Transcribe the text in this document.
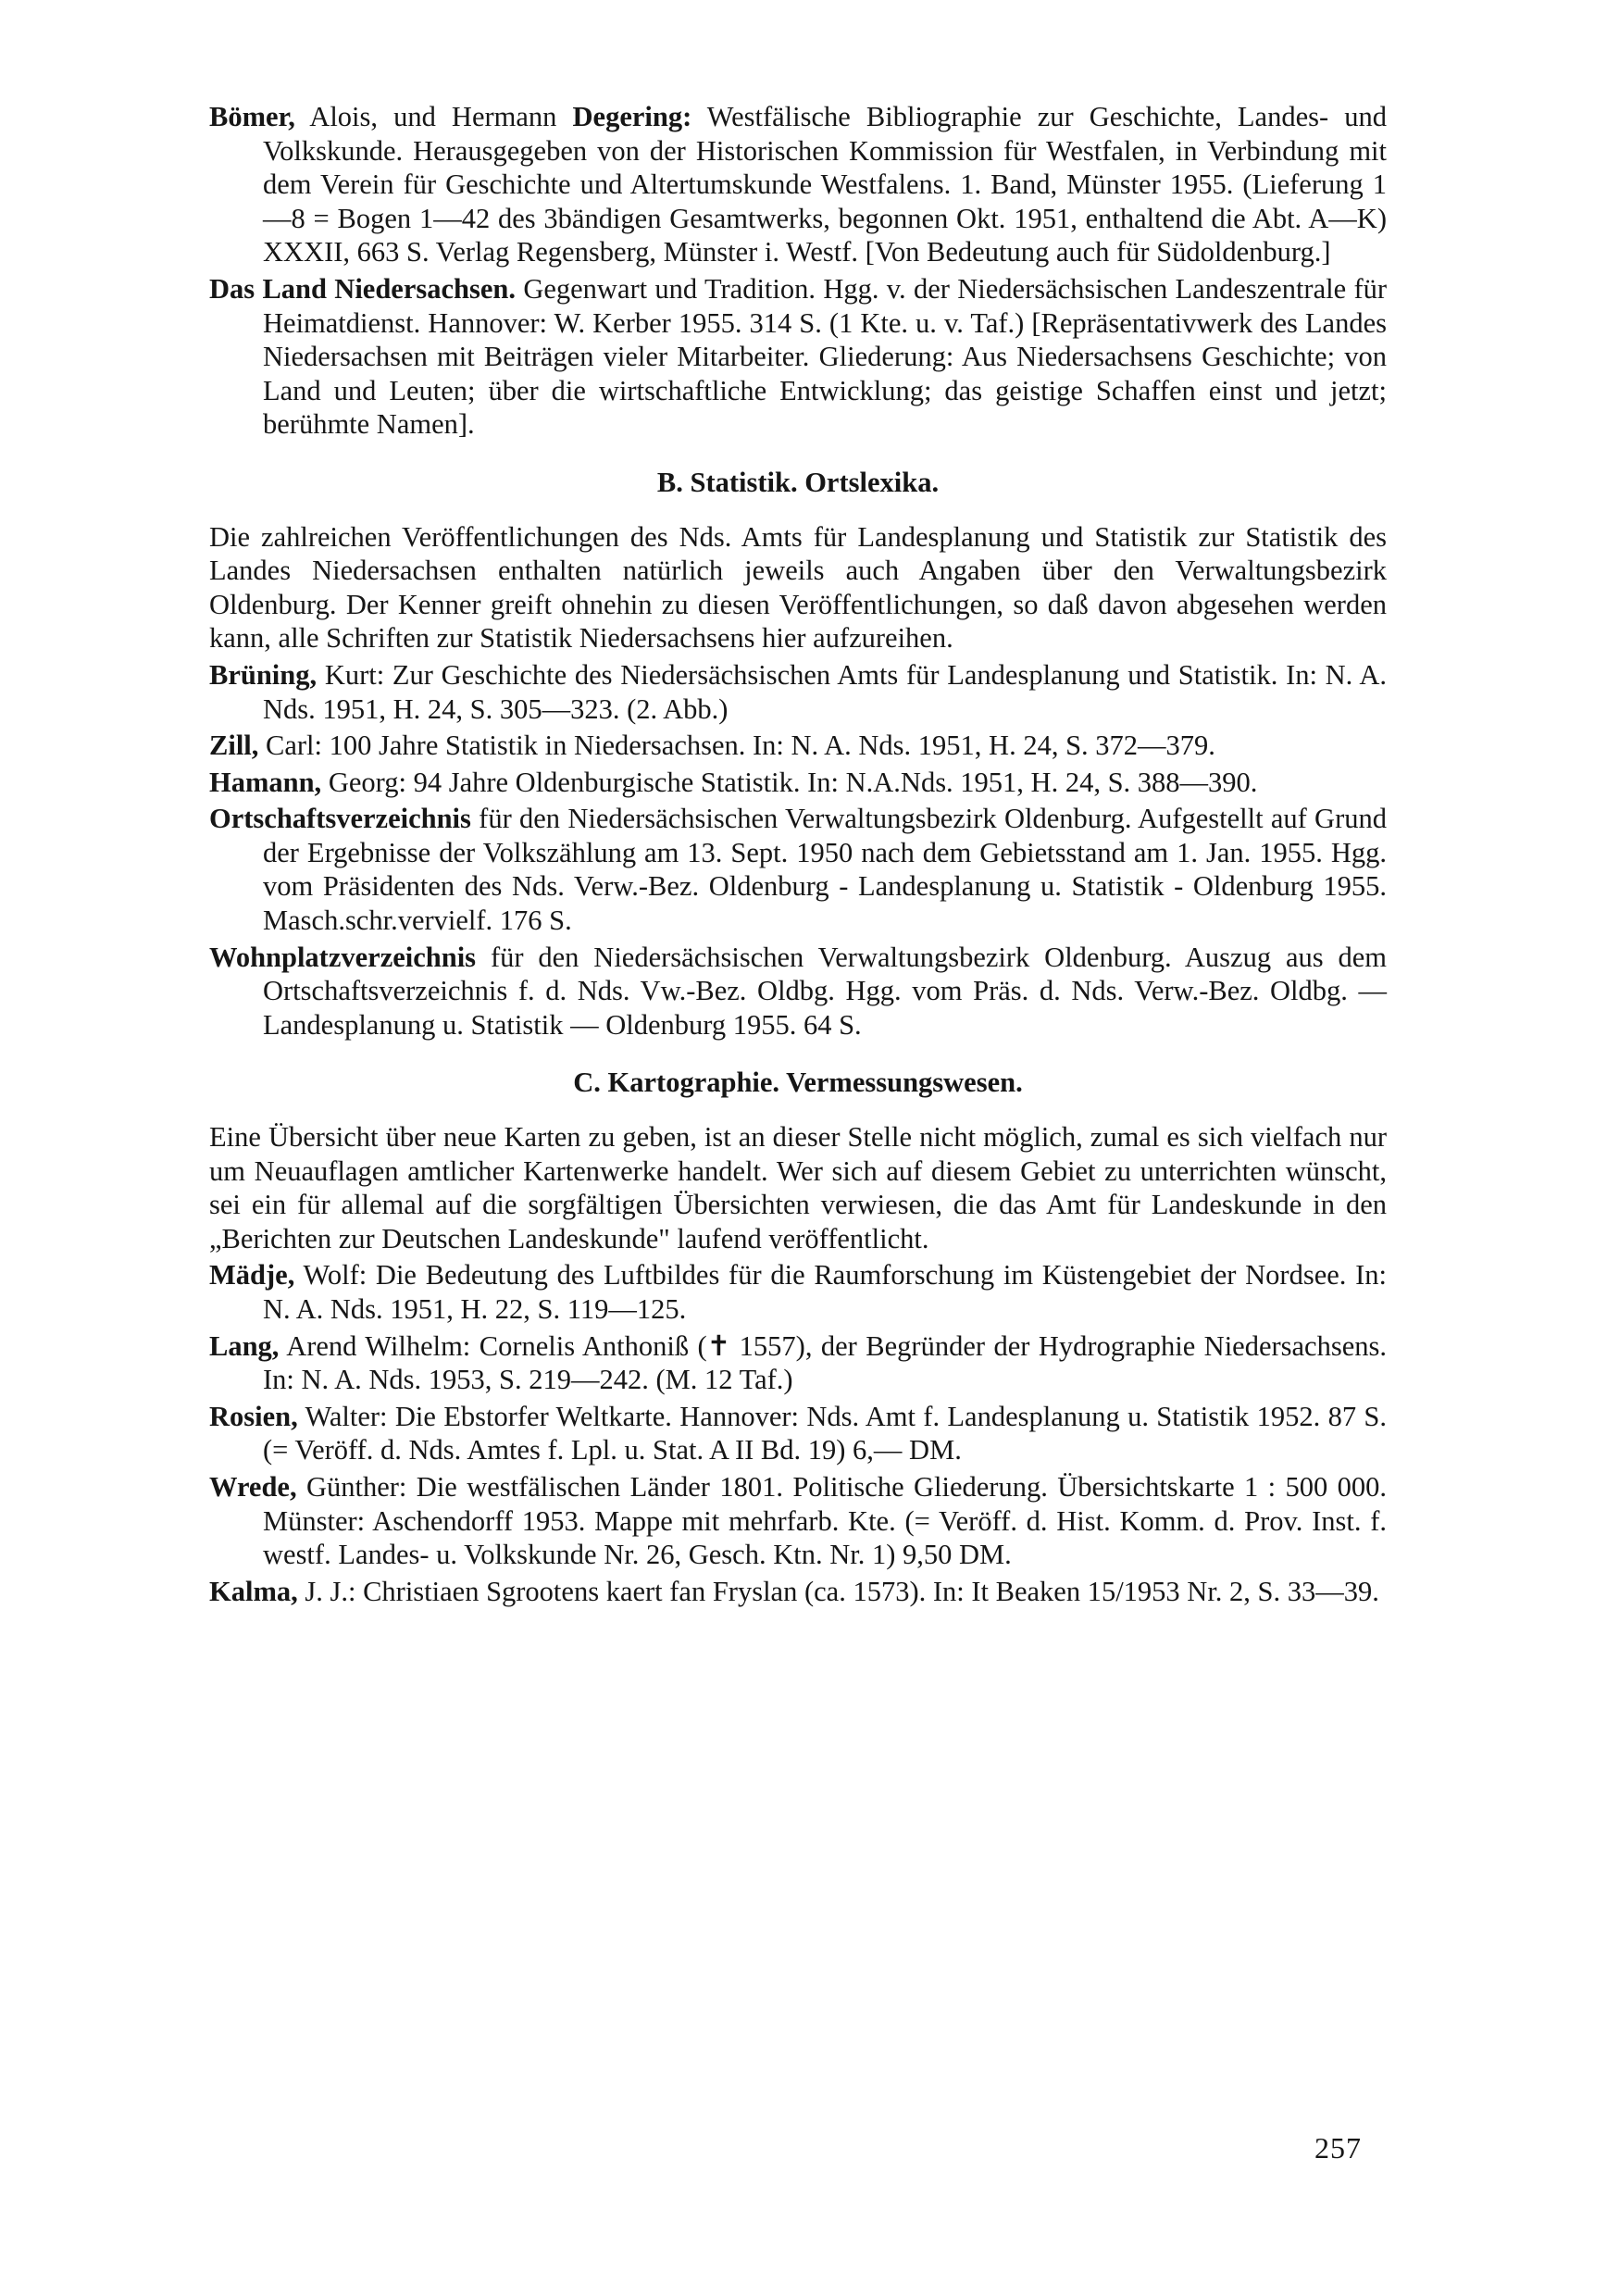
Bömer, Alois, und Hermann Degering: Westfälische Bibliographie zur Geschichte, Landes- und Volkskunde. Herausgegeben von der Historischen Kommission für Westfalen, in Verbindung mit dem Verein für Geschichte und Altertumskunde Westfalens. 1. Band, Münster 1955. (Lieferung 1—8 = Bogen 1—42 des 3bändigen Gesamtwerks, begonnen Okt. 1951, enthaltend die Abt. A—K) XXXII, 663 S. Verlag Regensberg, Münster i. Westf. [Von Bedeutung auch für Südoldenburg.]

Das Land Niedersachsen. Gegenwart und Tradition. Hgg. v. der Niedersächsischen Landeszentrale für Heimatdienst. Hannover: W. Kerber 1955. 314 S. (1 Kte. u. v. Taf.) [Repräsentativwerk des Landes Niedersachsen mit Beiträgen vieler Mitarbeiter. Gliederung: Aus Niedersachsens Geschichte; von Land und Leuten; über die wirtschaftliche Entwicklung; das geistige Schaffen einst und jetzt; berühmte Namen].

B. Statistik. Ortslexika.

Die zahlreichen Veröffentlichungen des Nds. Amts für Landesplanung und Statistik zur Statistik des Landes Niedersachsen enthalten natürlich jeweils auch Angaben über den Verwaltungsbezirk Oldenburg. Der Kenner greift ohnehin zu diesen Veröffentlichungen, so daß davon abgesehen werden kann, alle Schriften zur Statistik Niedersachsens hier aufzureihen.

Brüning, Kurt: Zur Geschichte des Niedersächsischen Amts für Landesplanung und Statistik. In: N. A. Nds. 1951, H. 24, S. 305—323. (2. Abb.)

Zill, Carl: 100 Jahre Statistik in Niedersachsen. In: N. A. Nds. 1951, H. 24, S. 372—379.

Hamann, Georg: 94 Jahre Oldenburgische Statistik. In: N.A.Nds. 1951, H. 24, S. 388—390.

Ortschaftsverzeichnis für den Niedersächsischen Verwaltungsbezirk Oldenburg. Aufgestellt auf Grund der Ergebnisse der Volkszählung am 13. Sept. 1950 nach dem Gebietsstand am 1. Jan. 1955. Hgg. vom Präsidenten des Nds. Verw.-Bez. Oldenburg - Landesplanung u. Statistik - Oldenburg 1955. Masch.schr.vervielf. 176 S.

Wohnplatzverzeichnis für den Niedersächsischen Verwaltungsbezirk Oldenburg. Auszug aus dem Ortschaftsverzeichnis f. d. Nds. Vw.-Bez. Oldbg. Hgg. vom Präs. d. Nds. Verw.-Bez. Oldbg. — Landesplanung u. Statistik — Oldenburg 1955. 64 S.

C. Kartographie. Vermessungswesen.

Eine Übersicht über neue Karten zu geben, ist an dieser Stelle nicht möglich, zumal es sich vielfach nur um Neuauflagen amtlicher Kartenwerke handelt. Wer sich auf diesem Gebiet zu unterrichten wünscht, sei ein für allemal auf die sorgfältigen Übersichten verwiesen, die das Amt für Landeskunde in den „Berichten zur Deutschen Landeskunde" laufend veröffentlicht.

Mädje, Wolf: Die Bedeutung des Luftbildes für die Raumforschung im Küstengebiet der Nordsee. In: N. A. Nds. 1951, H. 22, S. 119—125.

Lang, Arend Wilhelm: Cornelis Anthoniß (✝ 1557), der Begründer der Hydrographie Niedersachsens. In: N. A. Nds. 1953, S. 219—242. (M. 12 Taf.)

Rosien, Walter: Die Ebstorfer Weltkarte. Hannover: Nds. Amt f. Landesplanung u. Statistik 1952. 87 S. (= Veröff. d. Nds. Amtes f. Lpl. u. Stat. A II Bd. 19) 6,— DM.

Wrede, Günther: Die westfälischen Länder 1801. Politische Gliederung. Übersichtskarte 1 : 500 000. Münster: Aschendorff 1953. Mappe mit mehrfarb. Kte. (= Veröff. d. Hist. Komm. d. Prov. Inst. f. westf. Landes- u. Volkskunde Nr. 26, Gesch. Ktn. Nr. 1) 9,50 DM.

Kalma, J. J.: Christiaen Sgrootens kaert fan Fryslan (ca. 1573). In: It Beaken 15/1953 Nr. 2, S. 33—39.

257
